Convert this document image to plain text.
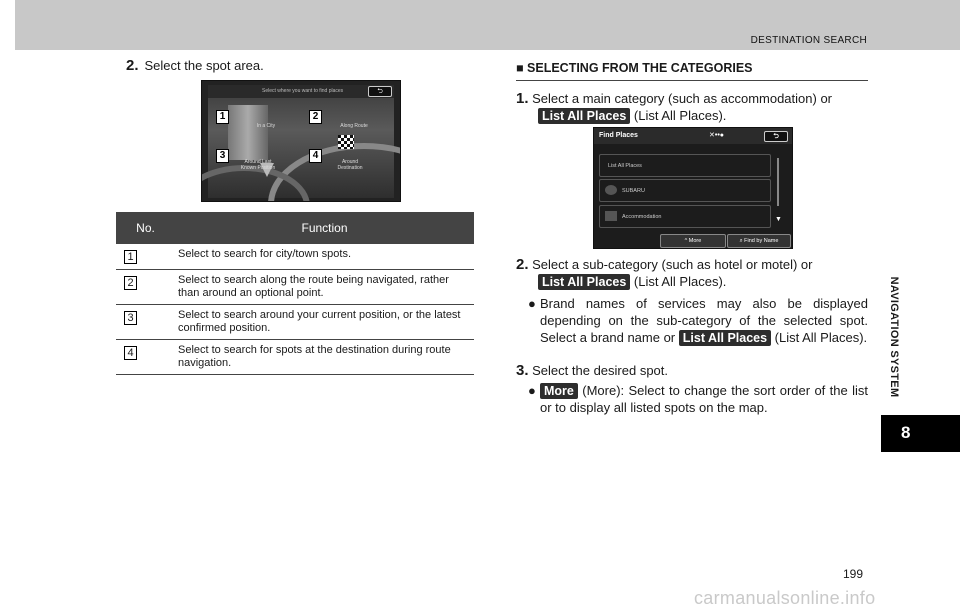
DESTINATION SEARCH
NAVIGATION SYSTEM
8
2. Select the spot area.
Select where you want to find places	⮌
In a City	Along Route
Around Last Known Position
Around Destination
1	2
3	4
No.	Function
1	Select to search for city/town spots.
2	Select to search along the route being navigated, rather than around an optional point.
3	Select to search around your current position, or the latest confirmed position.
4	Select to search for spots at the destination during route navigation.
■ SELECTING FROM THE CATEGORIES
1. Select a main category (such as accommodation) or
List All Places (List All Places).
Find Places	✕••●	⮌
List All Places
SUBARU
Accommodation	▼
^ More	⌕ Find by Name
2. Select a sub-category (such as hotel or motel) or
List All Places (List All Places).
● Brand names of services may also be displayed depending on the sub-category of the selected spot. Select a brand name or List All Places (List All Places).
3. Select the desired spot.
● More (More): Select to change the sort order of the list or to display all listed spots on the map.
199
carmanualsonline.info
